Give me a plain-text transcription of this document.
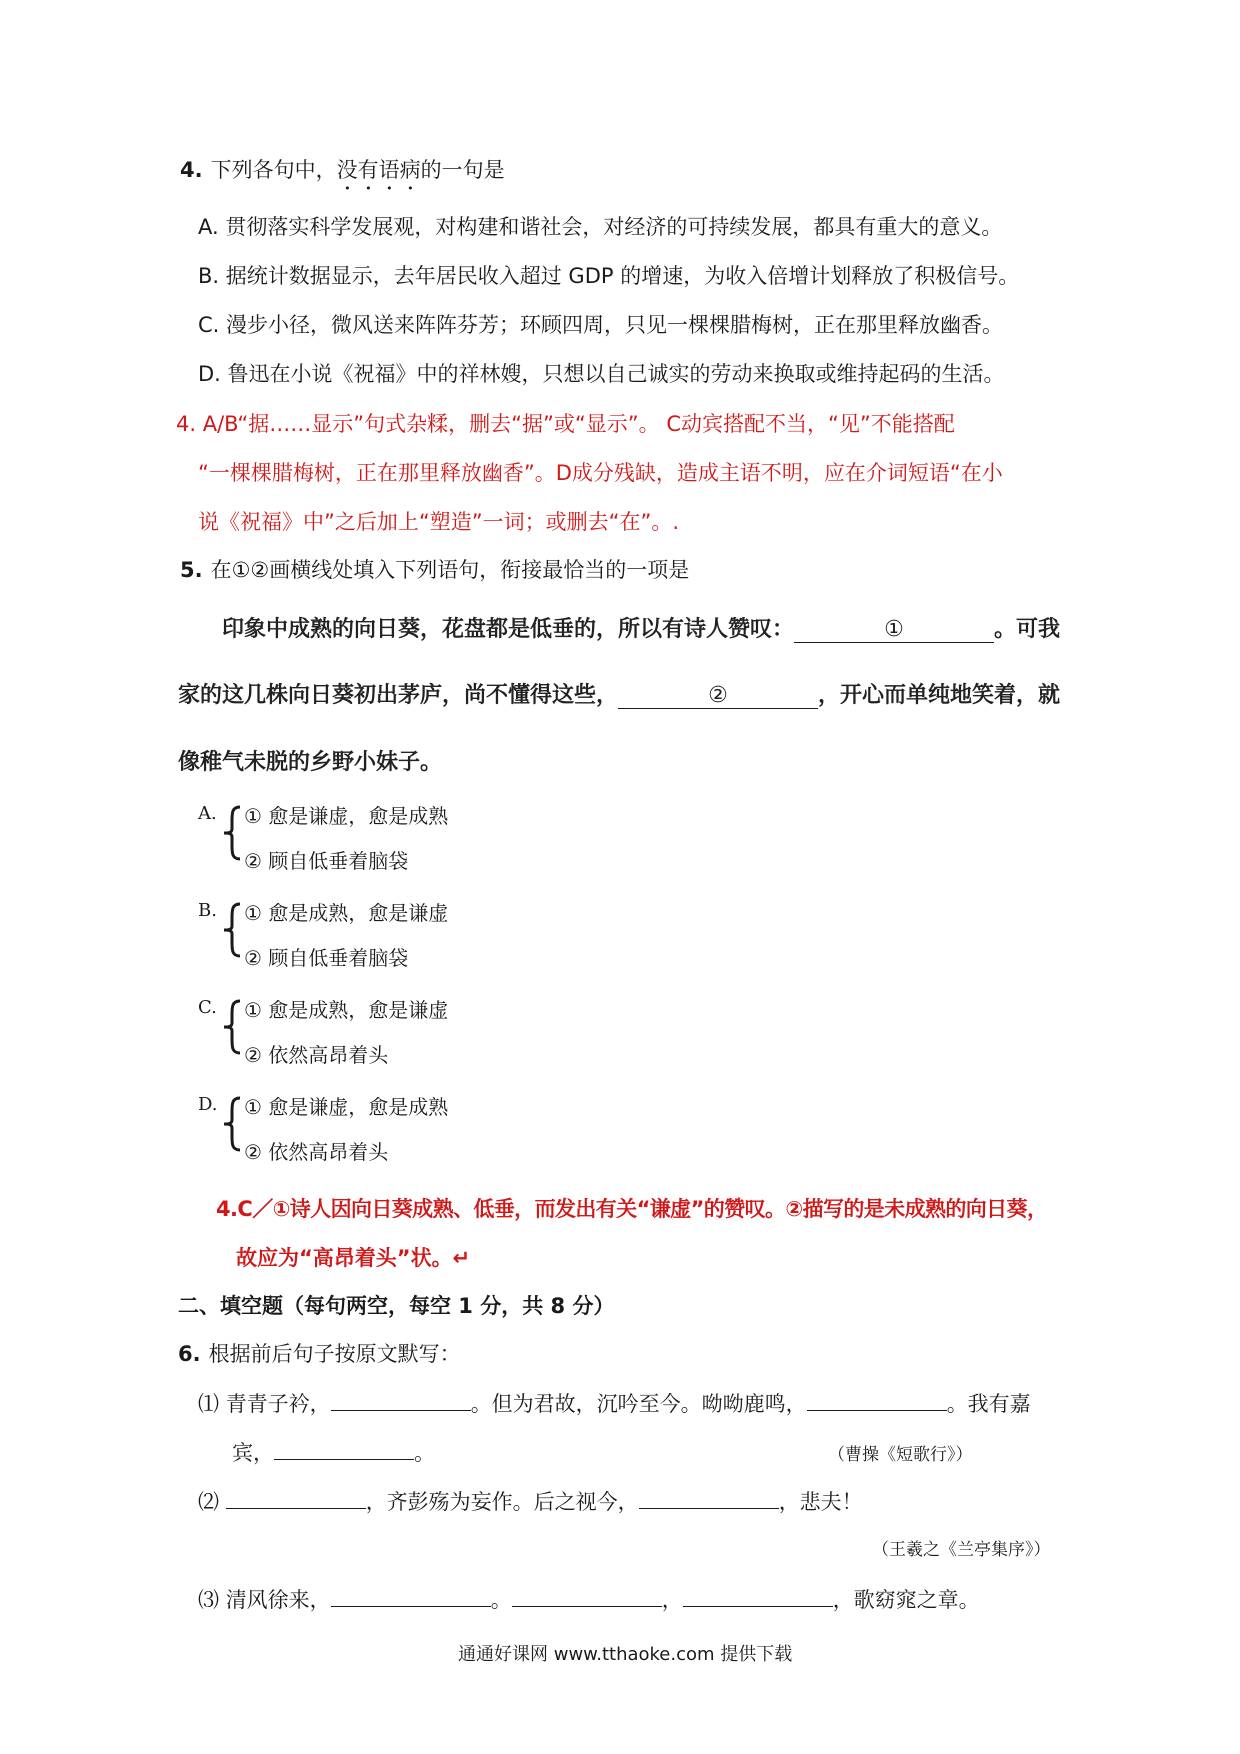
4. 下列各句中，没有语病的一句是
A. 贯彻落实科学发展观，对构建和谐社会，对经济的可持续发展，都具有重大的意义。
B. 据统计数据显示，去年居民收入超过 GDP 的增速，为收入倍增计划释放了积极信号。
C. 漫步小径，微风送来阵阵芬芳；环顾四周，只见一棵棵腊梅树，正在那里释放幽香。
D. 鲁迅在小说《祝福》中的祥林嫂，只想以自己诚实的劳动来换取或维持起码的生活。
4. A/B“据……显示”句式杂糅，删去“据”或“显示”。 C动宾搭配不当，“见”不能搭配
“一棵棵腊梅树，正在那里释放幽香”。D成分残缺，造成主语不明，应在介词短语“在小
说《祝福》中”之后加上“塑造”一词；或删去“在”。.
5. 在①②画横线处填入下列语句，衔接最恰当的一项是
印象中成熟的向日葵，花盘都是低垂的，所以有诗人赞叹：	①	。可我
家的这几株向日葵初出茅庐，尚不懂得这些，	②	，开心而单纯地笑着，就
像稚气未脱的乡野小妹子。
A. ① 愈是谦虚，愈是成熟
② 顾自低垂着脑袋
B. ① 愈是成熟，愈是谦虚
② 顾自低垂着脑袋
C. ① 愈是成熟，愈是谦虚
② 依然高昂着头
D. ① 愈是谦虚，愈是成熟
② 依然高昂着头
4.C／①诗人因向日葵成熟、低垂，而发出有关“谦虚”的赞叹。②描写的是未成熟的向日葵，
故应为“高昂着头”状。↵
二、填空题（每句两空，每空 1 分，共 8 分）
6. 根据前后句子按原文默写：
⑴ 青青子衿，	。但为君故，沉吟至今。呦呦鹿鸣，	。我有嘉
宾，	。	（曹操《短歌行》）
⑵	，齐彭殇为妄作。后之视今，	，悲夫！
（王羲之《兰亭集序》）
⑶ 清风徐来，	。	，	，歌窈窕之章。
通通好课网 www.tthaoke.com 提供下载
